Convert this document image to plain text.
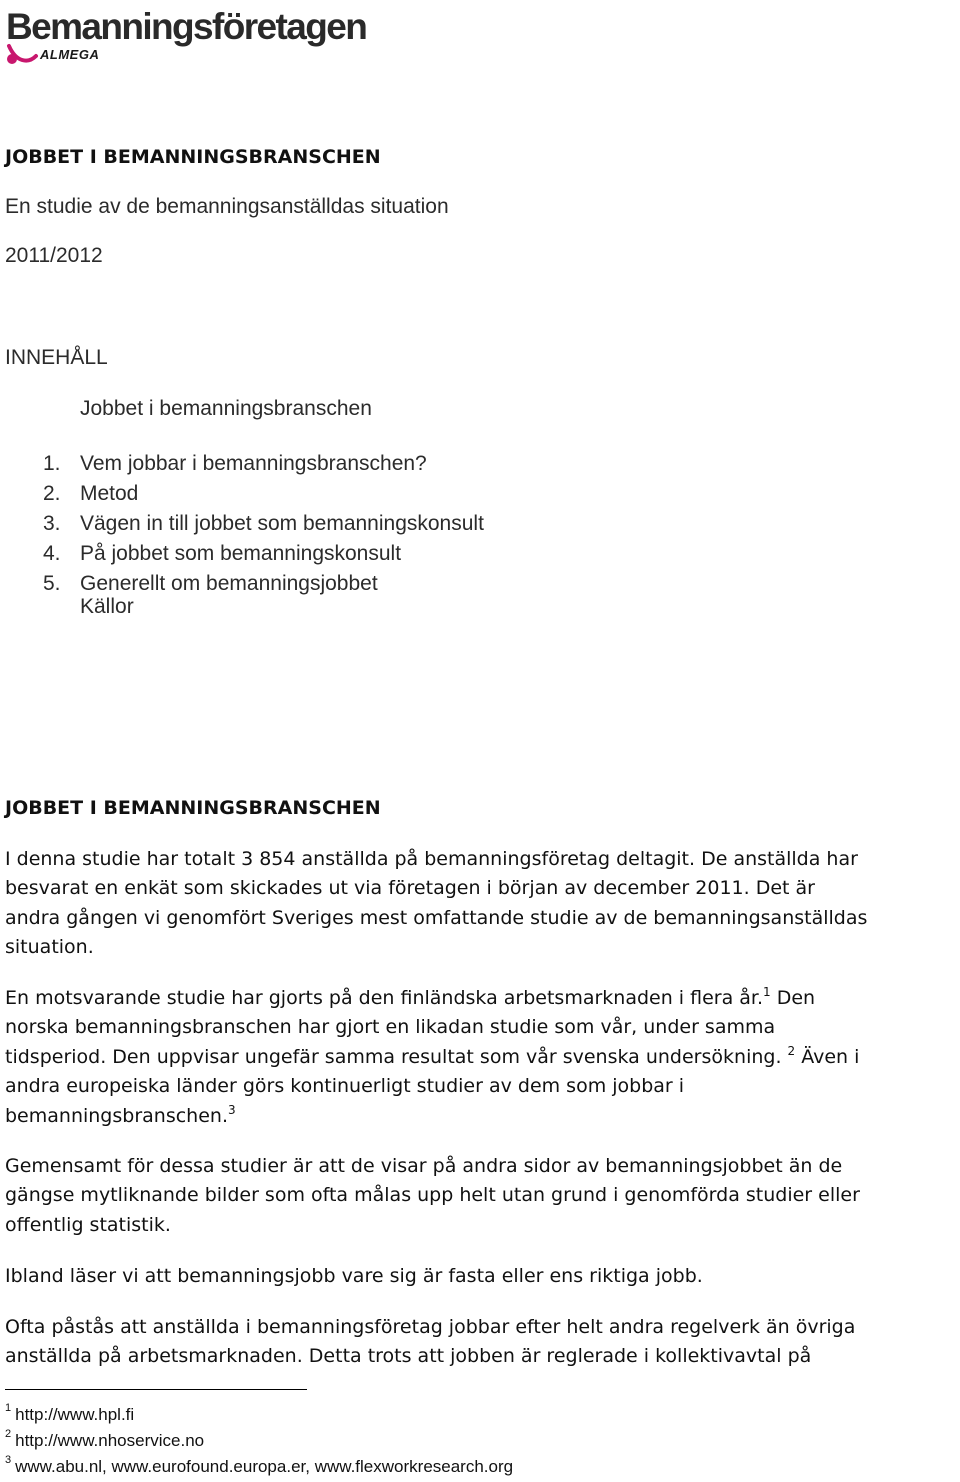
Bemanningsföretagen
ALMEGA
JOBBET I BEMANNINGSBRANSCHEN
En studie av de bemanningsanställdas situation
2011/2012
INNEHÅLL
Jobbet i bemanningsbranschen
1. Vem jobbar i bemanningsbranschen?
2. Metod
3. Vägen in till jobbet som bemanningskonsult
4. På jobbet som bemanningskonsult
5. Generellt om bemanningsjobbet
Källor
JOBBET I BEMANNINGSBRANSCHEN

I denna studie har totalt 3 854 anställda på bemanningsföretag deltagit. De anställda har
besvarat en enkät som skickades ut via företagen i början av december 2011. Det är
andra gången vi genomfört Sveriges mest omfattande studie av de bemanningsanställdas
situation.

En motsvarande studie har gjorts på den finländska arbetsmarknaden i flera år.$^1$ Den
norska bemanningsbranschen har gjort en likadan studie som vår, under samma
tidsperiod. Den uppvisar ungefär samma resultat som vår svenska undersökning. $^2$ Även i
andra europeiska länder görs kontinuerligt studier av dem som jobbar i
bemanningsbranschen.$^3$

Gemensamt för dessa studier är att de visar på andra sidor av bemanningsjobbet än de
gängse mytliknande bilder som ofta målas upp helt utan grund i genomförda studier eller
offentlig statistik.

Ibland läser vi att bemanningsjobb vare sig är fasta eller ens riktiga jobb.

Ofta påstås att anställda i bemanningsföretag jobbar efter helt andra regelverk än övriga
anställda på arbetsmarknaden. Detta trots att jobben är reglerade i kollektivavtal på

$^1$ http://www.hpl.fi
$^2$ http://www.nhoservice.no
$^3$ www.abu.nl, www.eurofound.europa.er, www.flexworkresearch.org
